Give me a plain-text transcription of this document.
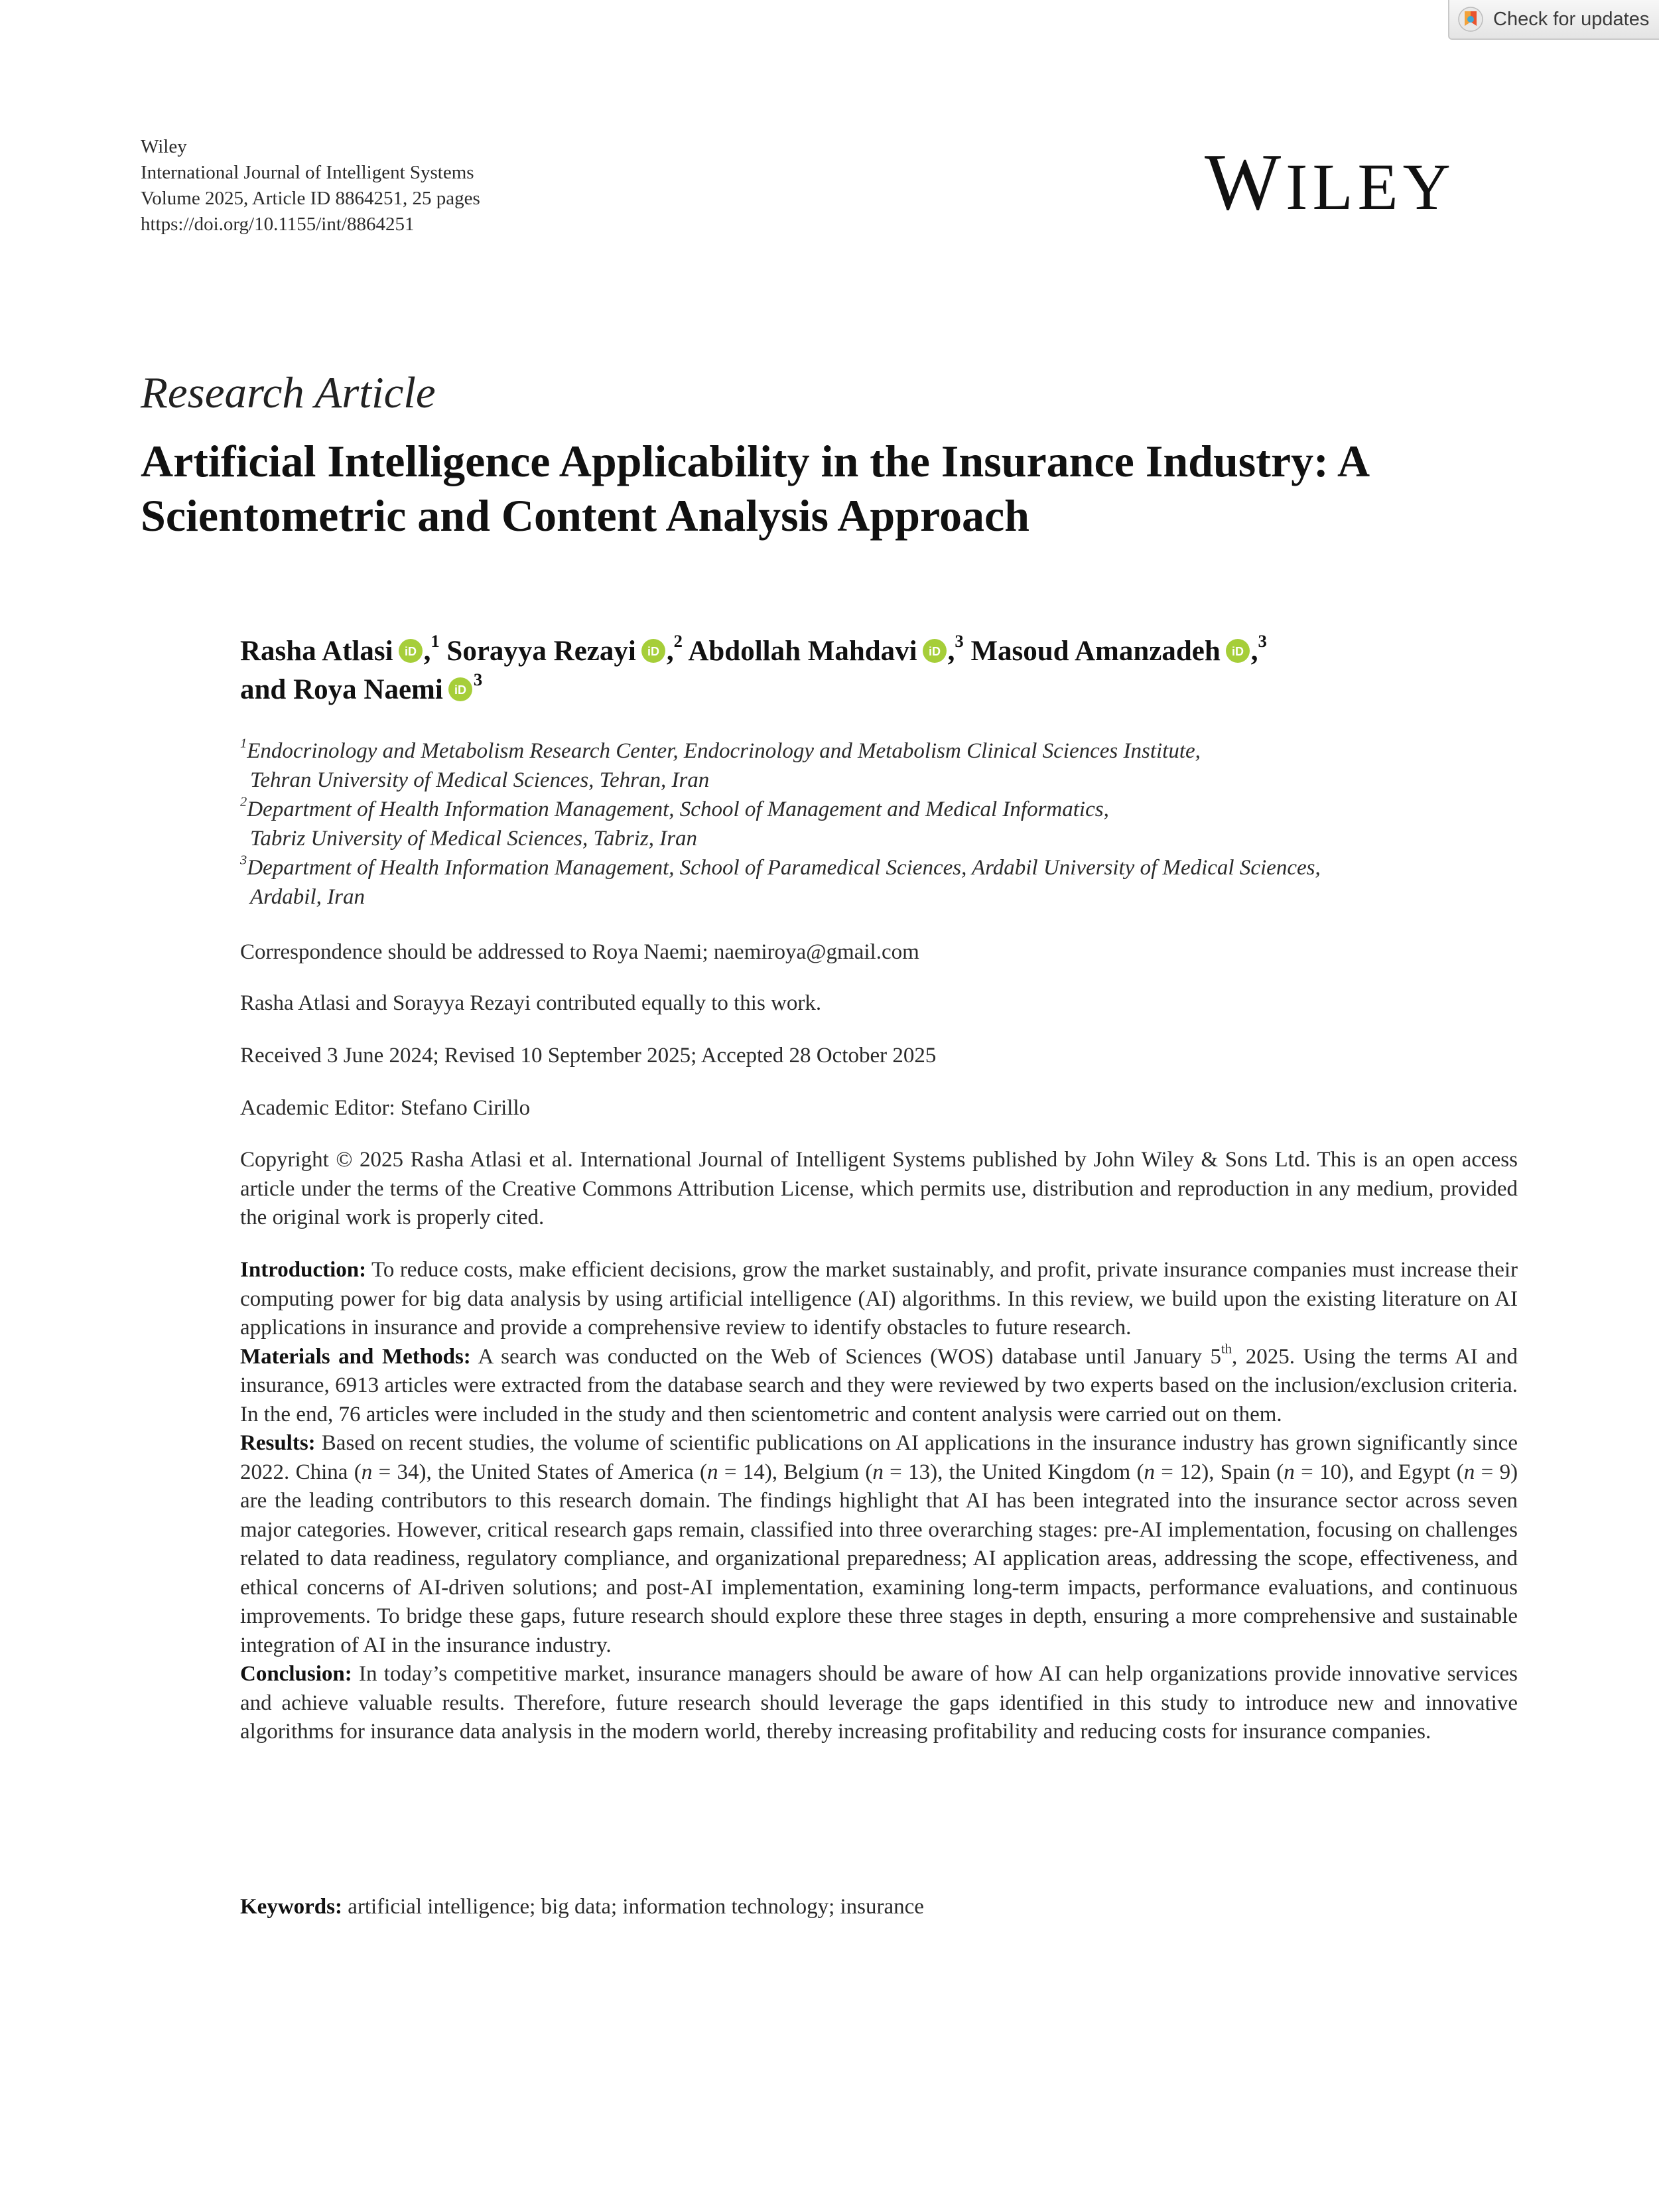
Check for updates
Wiley
International Journal of Intelligent Systems
Volume 2025, Article ID 8864251, 25 pages
https://doi.org/10.1155/int/8864251	WILEY
Research Article
Artificial Intelligence Applicability in the Insurance Industry: A Scientometric and Content Analysis Approach
Rasha Atlasi iD ,$^1$ Sorayya Rezayi iD ,$^2$ Abdollah Mahdavi iD ,$^3$ Masoud Amanzadeh iD ,$^3$
and Roya Naemi iD
$^3$
$^1$Endocrinology and Metabolism Research Center, Endocrinology and Metabolism Clinical Sciences Institute,
Tehran University of Medical Sciences, Tehran, Iran
$^2$Department of Health Information Management, School of Management and Medical Informatics,
Tabriz University of Medical Sciences, Tabriz, Iran
$^3$Department of Health Information Management, School of Paramedical Sciences, Ardabil University of Medical Sciences,
Ardabil, Iran
Correspondence should be addressed to Roya Naemi; naemiroya@gmail.com
Rasha Atlasi and Sorayya Rezayi contributed equally to this work.
Received 3 June 2024; Revised 10 September 2025; Accepted 28 October 2025
Academic Editor: Stefano Cirillo
Copyright © 2025 Rasha Atlasi et al. International Journal of Intelligent Systems published by John Wiley & Sons Ltd. This is an open access article under the terms of the Creative Commons Attribution License, which permits use, distribution and reproduction in any medium, provided the original work is properly cited.

Introduction: To reduce costs, make efficient decisions, grow the market sustainably, and profit, private insurance companies must increase their computing power for big data analysis by using artificial intelligence (AI) algorithms. In this review, we build upon the existing literature on AI applications in insurance and provide a comprehensive review to identify obstacles to future research.

Materials and Methods: A search was conducted on the Web of Sciences (WOS) database until January 5th, 2025. Using the terms AI and insurance, 6913 articles were extracted from the database search and they were reviewed by two experts based on the inclusion/exclusion criteria. In the end, 76 articles were included in the study and then scientometric and content analysis were carried out on them.

Results: Based on recent studies, the volume of scientific publications on AI applications in the insurance industry has grown significantly since 2022. China (n = 34), the United States of America (n = 14), Belgium (n = 13), the United Kingdom (n = 12), Spain (n = 10), and Egypt (n = 9) are the leading contributors to this research domain. The findings highlight that AI has been integrated into the insurance sector across seven major categories. However, critical research gaps remain, classified into three overarching stages: pre-AI implementation, focusing on challenges related to data readiness, regulatory compliance, and organizational preparedness; AI application areas, addressing the scope, effectiveness, and ethical concerns of AI-driven solutions; and post-AI implementation, examining long-term impacts, performance evaluations, and continuous improvements. To bridge these gaps, future research should explore these three stages in depth, ensuring a more comprehensive and sustainable integration of AI in the insurance industry.

Conclusion: In today’s competitive market, insurance managers should be aware of how AI can help organizations provide innovative services and achieve valuable results. Therefore, future research should leverage the gaps identified in this study to introduce new and innovative algorithms for insurance data analysis in the modern world, thereby increasing profitability and reducing costs for insurance companies.

Keywords: artificial intelligence; big data; information technology; insurance
